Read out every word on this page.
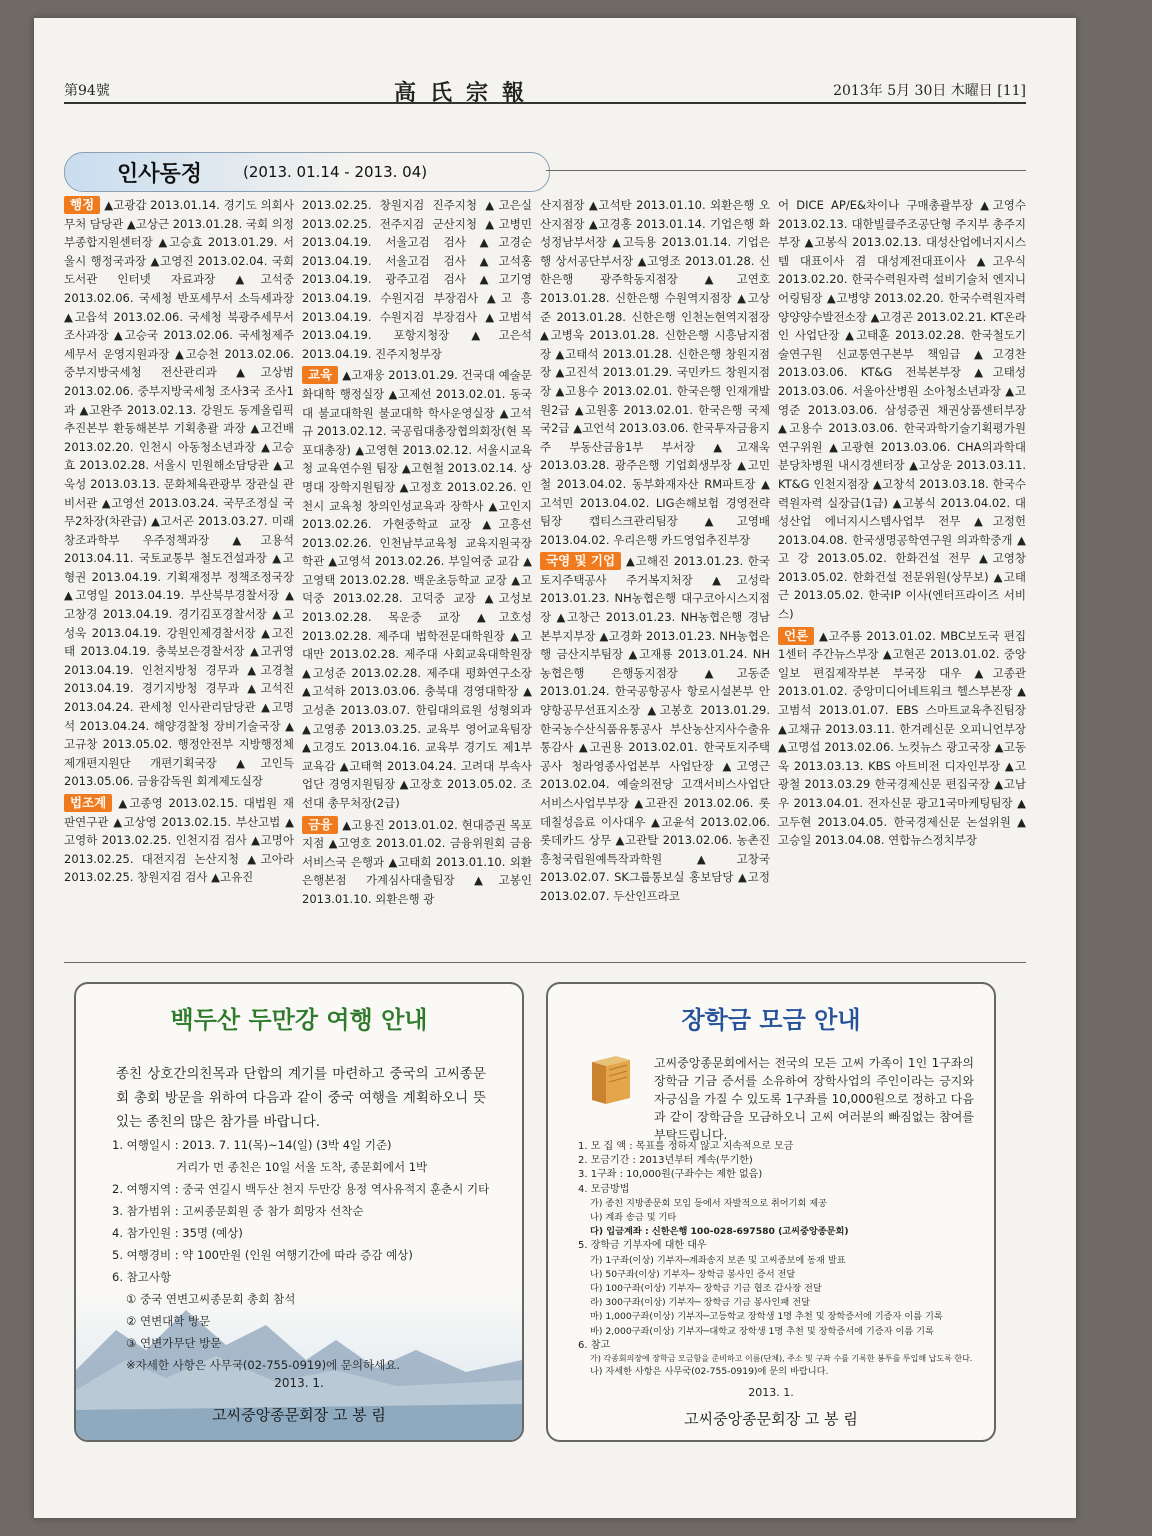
第94號	高氏宗報	2013年 5月 30日 木曜日 [11]
인사동정	(2013. 01.14 - 2013. 04)

행정 ▲고광갑 2013.01.14. 경기도 의회사무처 담당관 ▲고상근 2013.01.28. 국회 의정부종합지원센터장 ▲고승효 2013.01.29. 서울시 행정국과장 ▲고영진 2013.02.04. 국회도서관 인터넷 자료과장 ▲고석중 2013.02.06. 국세청 반포세무서 소득세과장 ▲고읍석 2013.02.06. 국세청 북광주세무서 조사과장 ▲고승국 2013.02.06. 국세청제주세무서 운영지원과장 ▲고승천 2013.02.06. 중부지방국세청 전산관리과 ▲고상범 2013.02.06. 중부지방국세청 조사3국 조사1과 ▲고완주 2013.02.13. 강원도 동계올림픽추진본부 환동해본부 기획총괄 과장 ▲고건배 2013.02.20. 인천시 아동청소년과장 ▲고승효 2013.02.28. 서울시 민원해소담당관 ▲고욱성 2013.03.13. 문화체육관광부 장관실 관비서관 ▲고영선 2013.03.24. 국무조정실 국무2차장(차관급) ▲고서곤 2013.03.27. 미래창조과학부 우주정책과장 ▲고용석 2013.04.11. 국토교통부 철도건설과장 ▲고형권 2013.04.19. 기획재정부 정책조정국장 ▲고영일 2013.04.19. 부산북부경찰서장 ▲고창경 2013.04.19. 경기김포경찰서장 ▲고성욱 2013.04.19. 강원인제경찰서장 ▲고진태 2013.04.19. 충북보은경찰서장 ▲고귀영 2013.04.19. 인천지방청 경무과 ▲고경철 2013.04.19. 경기지방청 경무과 ▲고석진 2013.04.24. 관세청 인사관리담당관 ▲고명석 2013.04.24. 해양경찰청 장비기술국장 ▲고규창 2013.05.02. 행정안전부 지방행정체제개편지원단 개편기획국장 ▲고인득 2013.05.06. 금융감독원 회계제도실장

법조계 ▲고종영 2013.02.15. 대법원 재판연구관 ▲고상영 2013.02.15. 부산고법 ▲고영하 2013.02.25. 인천지검 검사 ▲고명아 2013.02.25. 대전지검 논산지청 ▲고아라 2013.02.25. 창원지검 검사 ▲고유진

2013.02.25. 창원지검 진주지청 ▲고은실 2013.02.25. 전주지검 군산지청 ▲고병민 2013.04.19. 서울고검 검사 ▲고경순 2013.04.19. 서울고검 검사 ▲고석홍 2013.04.19. 광주고검 검사 ▲고기영 2013.04.19. 수원지검 부장검사 ▲고 흥 2013.04.19. 수원지검 부장검사 ▲고범석 2013.04.19. 포항지청장 ▲고은석 2013.04.19. 진주지청부장

교육 ▲고재웅 2013.01.29. 건국대 예술문화대학 행정실장 ▲고제선 2013.02.01. 동국대 불교대학원 불교대학 학사운영실장 ▲고석규 2013.02.12. 국공립대총장협의회장(현 목포대총장) ▲고영현 2013.02.12. 서울시교육청 교육연수원 팀장 ▲고현철 2013.02.14. 상명대 장학지원팀장 ▲고정호 2013.02.26. 인천시 교육청 창의인성교육과 장학사 ▲고인지 2013.02.26. 가현중학교 교장 ▲고흥선 2013.02.26. 인천남부교육청 교육지원국장학관 ▲고영석 2013.02.26. 부일여중 교감 ▲고영택 2013.02.28. 백운초등학교 교장 ▲고덕중 2013.02.28. 고덕중 교장 ▲고성보 2013.02.28. 목운중 교장 ▲고호성 2013.02.28. 제주대 법학전문대학원장 ▲고대만 2013.02.28. 제주대 사회교육대학원장 ▲고성준 2013.02.28. 제주대 평화연구소장 ▲고석하 2013.03.06. 충북대 경영대학장 ▲고성춘 2013.03.07. 한림대의료원 성형외과 ▲고영종 2013.03.25. 교육부 영어교육팀장 ▲고경도 2013.04.16. 교육부 경기도 제1부교육감 ▲고태혁 2013.04.24. 고려대 부속사업단 경영지원팀장 ▲고장호 2013.05.02. 조선대 총무처장(2급)

금융 ▲고용진 2013.01.02. 현대증권 목포지점 ▲고영호 2013.01.02. 금융위원회 금융서비스국 은행과 ▲고태희 2013.01.10. 외환은행본점 가계심사대출팀장 ▲고봉인 2013.01.10. 외환은행 광

산지점장 ▲고석탄 2013.01.10. 외환은행 오산지점장 ▲고경홍 2013.01.14. 기업은행 화성정남부서장 ▲고득용 2013.01.14. 기업은행 상서공단부서장 ▲고영조 2013.01.28. 신한은행 광주학동지점장 ▲고연호 2013.01.28. 신한은행 수원역지점장 ▲고상준 2013.01.28. 신한은행 인천논현역지점장 ▲고병욱 2013.01.28. 신한은행 시흥남지점장 ▲고태석 2013.01.28. 신한은행 창원지점장 ▲고진석 2013.01.29. 국민카드 창원지점장 ▲고용수 2013.02.01. 한국은행 인재개발원2급 ▲고원홍 2013.02.01. 한국은행 국제국2급 ▲고언석 2013.03.06. 한국투자금융지주 부동산금융1부 부서장 ▲고재욱 2013.03.28. 광주은행 기업회생부장 ▲고민철 2013.04.02. 동부화재자산 RM파트장 ▲고석민 2013.04.02. LIG손해보험 경영전략팀장 캡티스크관리팀장 ▲고영배 2013.04.02. 우리은행 카드영업추진부장

국영 및 기업 ▲고해진 2013.01.23. 한국토지주택공사 주거복지처장 ▲고성락 2013.01.23. NH농협은행 대구코아시스지점장 ▲고창근 2013.01.23. NH농협은행 경남본부지부장 ▲고경화 2013.01.23. NH농협은행 금산지부팀장 ▲고재룡 2013.01.24. NH농협은행 은행동지점장 ▲고동준 2013.01.24. 한국공항공사 항로시설본부 안양항공무선표지소장 ▲고봉호 2013.01.29. 한국농수산식품유통공사 부산농산지사수출유통감사 ▲고권용 2013.02.01. 한국토지주택공사 청라영종사업본부 사업단장 ▲고영근 2013.02.04. 예술의전당 고객서비스사업단 서비스사업부부장 ▲고관진 2013.02.06. 롯데칠성음료 이사대우 ▲고윤석 2013.02.06. 롯데카드 상무 ▲고관탈 2013.02.06. 농촌진흥청국립원예특작과학원 ▲고창국 2013.02.07. SK그룹통보실 홍보담당 ▲고정 2013.02.07. 두산인프라코

어 DICE AP/E&차이나 구매총괄부장 ▲고영수 2013.02.13. 대한빌클주조공단형 주지부 총주지부장 ▲고봉식 2013.02.13. 대성산업에너지시스템 대표이사 겸 대성계전대표이사 ▲고우식 2013.02.20. 한국수력원자력 설비기술처 엔지니어링팀장 ▲고병양 2013.02.20. 한국수력원자력 양양양수발전소장 ▲고경곤 2013.02.21. KT온라인 사업단장 ▲고태훈 2013.02.28. 한국철도기술연구원 신교통연구본부 책임급 ▲고경찬 2013.03.06. KT&G 전북본부장 ▲고태성 2013.03.06. 서울아산병원 소아청소년과장 ▲고영준 2013.03.06. 삼성증권 채권상품센터부장 ▲고용수 2013.03.06. 한국과학기술기획평가원 연구위원 ▲고광현 2013.03.06. CHA의과학대 분당차병원 내시경센터장 ▲고상운 2013.03.11. KT&G 인천지점장 ▲고창석 2013.03.18. 한국수력원자력 실장급(1급) ▲고봉식 2013.04.02. 대성산업 에너지시스템사업부 전무 ▲고정헌 2013.04.08. 한국생명공학연구원 의과학중개 ▲고 강 2013.05.02. 한화건설 전무 ▲고영창 2013.05.02. 한화건설 전문위원(상무보) ▲고태근 2013.05.02. 한국IP 이사(엔터프라이즈 서비스)

언론 ▲고주룡 2013.01.02. MBC보도국 편집1센터 주간뉴스부장 ▲고현곤 2013.01.02. 중앙일보 편집제작부본 부국장 대우 ▲고종관 2013.01.02. 중앙미디어네트워크 헬스부본장 ▲고범석 2013.01.07. EBS 스마트교육추진팀장 ▲고채규 2013.03.11. 한겨레신문 오피니언부장 ▲고명섭 2013.02.06. 노컷뉴스 광고국장 ▲고동욱 2013.03.13. KBS 아트비전 디자인부장 ▲고광철 2013.03.29 한국경제신문 편집국장 ▲고남우 2013.04.01. 전자신문 광고1국마케팅팀장 ▲고두현 2013.04.05. 한국경제신문 논설위원 ▲고승일 2013.04.08. 연합뉴스정치부장

백두산 두만강 여행 안내
종친 상호간의친목과 단합의 계기를 마련하고 중국의 고씨종문회 총회 방문을 위하여 다음과 같이 중국 여행을 계획하오니 뜻있는 종친의 많은 참가를 바랍니다.
1. 여행일시 : 2013. 7. 11(목)~14(일) (3박 4일 기준)
거리가 먼 종친은 10일 서울 도착, 종문회에서 1박
2. 여행지역 : 중국 연길시 백두산 천지 두만강 용정 역사유적지 훈춘시 기타
3. 참가범위 : 고씨종문회원 중 참가 희망자 선착순
4. 참가인원 : 35명 (예상)
5. 여행경비 : 약 100만원 (인원 여행기간에 따라 증감 예상)
6. 참고사항
① 중국 연변고씨종문회 총회 참석
② 연변대학 방문
③ 연변가무단 방문
※자세한 사항은 사무국(02-755-0919)에 문의하세요.
2013. 1.
고씨중앙종문회장 고 봉 림
장학금 모금 안내
고씨중앙종문회에서는 전국의 모든 고씨 가족이 1인 1구좌의 장학금 기금 증서를 소유하여 장학사업의 주인이라는 긍지와 자긍심을 가질 수 있도록 1구좌를 10,000원으로 정하고 다음과 같이 장학금을 모금하오니 고씨 여러분의 빠짐없는 참여를 부탁드립니다.
1. 모 집 액 : 목표를 정하지 않고 지속적으로 모금
2. 모금기간 : 2013년부터 계속(무기한)
3. 1구좌 : 10,000원(구좌수는 제한 없음)
4. 모금방법
가) 종친 지방종문회 모임 등에서 자발적으로 취어기회 제공
나) 계좌 송금 및 기타
다) 입금계좌 : 신한은행 100-028-697580 (고씨중앙종문회)
5. 장학금 기부자에 대한 대우
가) 1구좌(이상) 기부자─계좌송지 보존 및 고씨종보에 동재 발표
나) 50구좌(이상) 기부자─ 장학금 봉사인 증서 전달
다) 100구좌(이상) 기부자─ 장학금 기금 협조 감사장 전달
라) 300구좌(이상) 기부자─ 장학금 기금 봉사인패 전달
마) 1,000구좌(이상) 기부자─고등학교 장학생 1명 추천 및 장학증서에 기증자 이름 기록
바) 2,000구좌(이상) 기부자─대학교 장학생 1명 추천 및 장학증서에 기증자 이름 기록
6. 참고
가) 각종회의장에 장학금 모금함을 준비하고 이름(단체), 주소 및 구좌 수를 기록한 봉투를 투입해 납도록 한다.
나) 자세한 사항은 사무국(02-755-0919)에 문의 바랍니다.
2013. 1.
고씨중앙종문회장 고 봉 림
